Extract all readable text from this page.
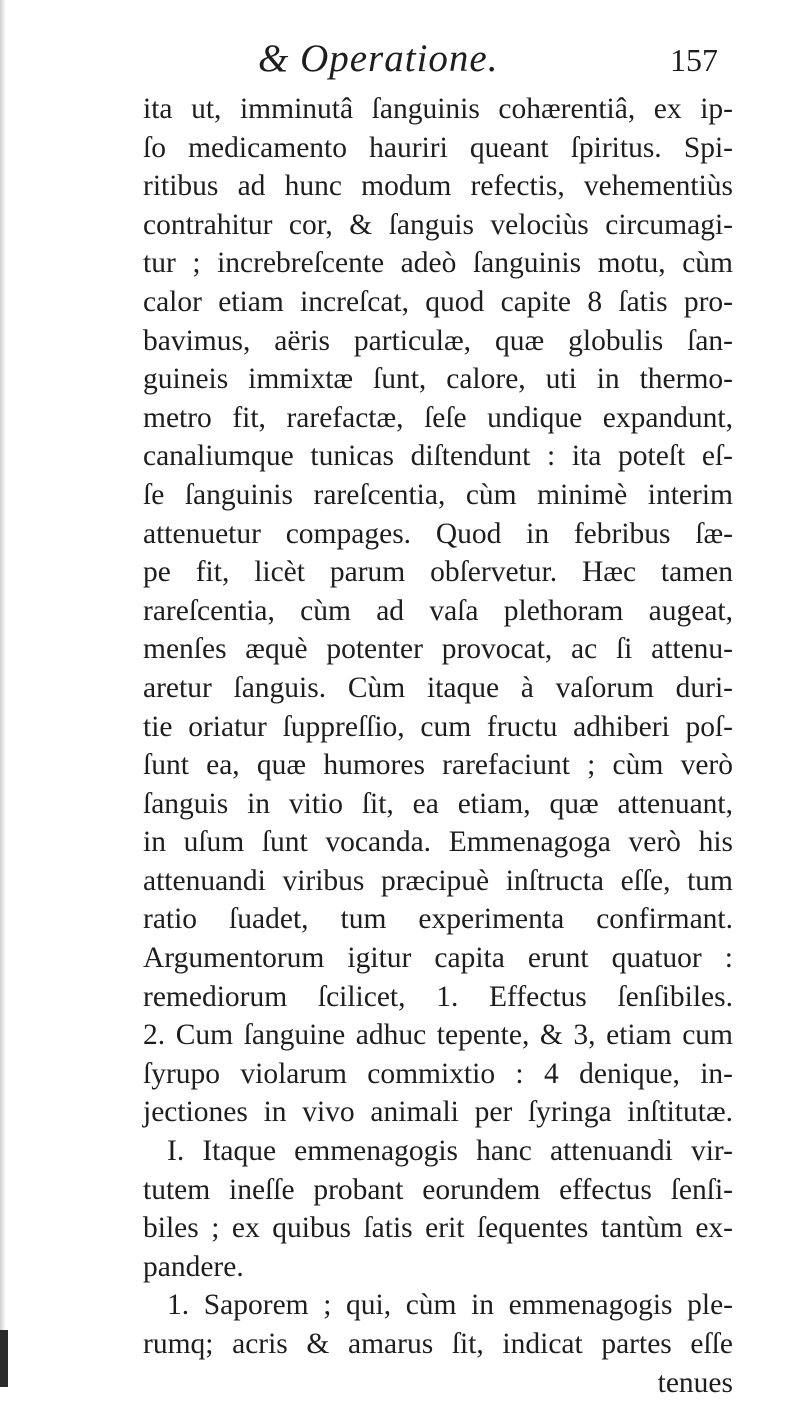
& Operatione.	157
ita ut, imminutâ ſanguinis cohærentiâ, ex ip-
ſo medicamento hauriri queant ſpiritus. Spi-
ritibus ad hunc modum refectis, vehementiùs
contrahitur cor, & ſanguis velociùs circumagi-
tur ; increbreſcente adeò ſanguinis motu, cùm
calor etiam increſcat, quod capite 8 ſatis pro-
bavimus, aëris particulæ, quæ globulis ſan-
guineis immixtæ ſunt, calore, uti in thermo-
metro fit, rarefactæ, ſeſe undique expandunt,
canaliumque tunicas diſtendunt : ita poteſt eſ-
ſe ſanguinis rareſcentia, cùm minimè interim
attenuetur compages. Quod in febribus ſæ-
pe fit, licèt parum obſervetur. Hæc tamen
rareſcentia, cùm ad vaſa plethoram augeat,
menſes æquè potenter provocat, ac ſi attenu-
aretur ſanguis. Cùm itaque à vaſorum duri-
tie oriatur ſuppreſſio, cum fructu adhiberi poſ-
ſunt ea, quæ humores rarefaciunt ; cùm verò
ſanguis in vitio ſit, ea etiam, quæ attenuant,
in uſum ſunt vocanda. Emmenagoga verò his
attenuandi viribus præcipuè inſtructa eſſe, tum
ratio ſuadet, tum experimenta confirmant.
Argumentorum igitur capita erunt quatuor :
remediorum ſcilicet, 1. Effectus ſenſibiles.
2. Cum ſanguine adhuc tepente, & 3, etiam cum
ſyrupo violarum commixtio : 4 denique, in-
jectiones in vivo animali per ſyringa inſtitutæ.
I. Itaque emmenagogis hanc attenuandi vir-
tutem ineſſe probant eorundem effectus ſenſi-
biles ; ex quibus ſatis erit ſequentes tantùm ex-
pandere.
1. Saporem ; qui, cùm in emmenagogis ple-
rumq; acris & amarus ſit, indicat partes eſſe
tenues
